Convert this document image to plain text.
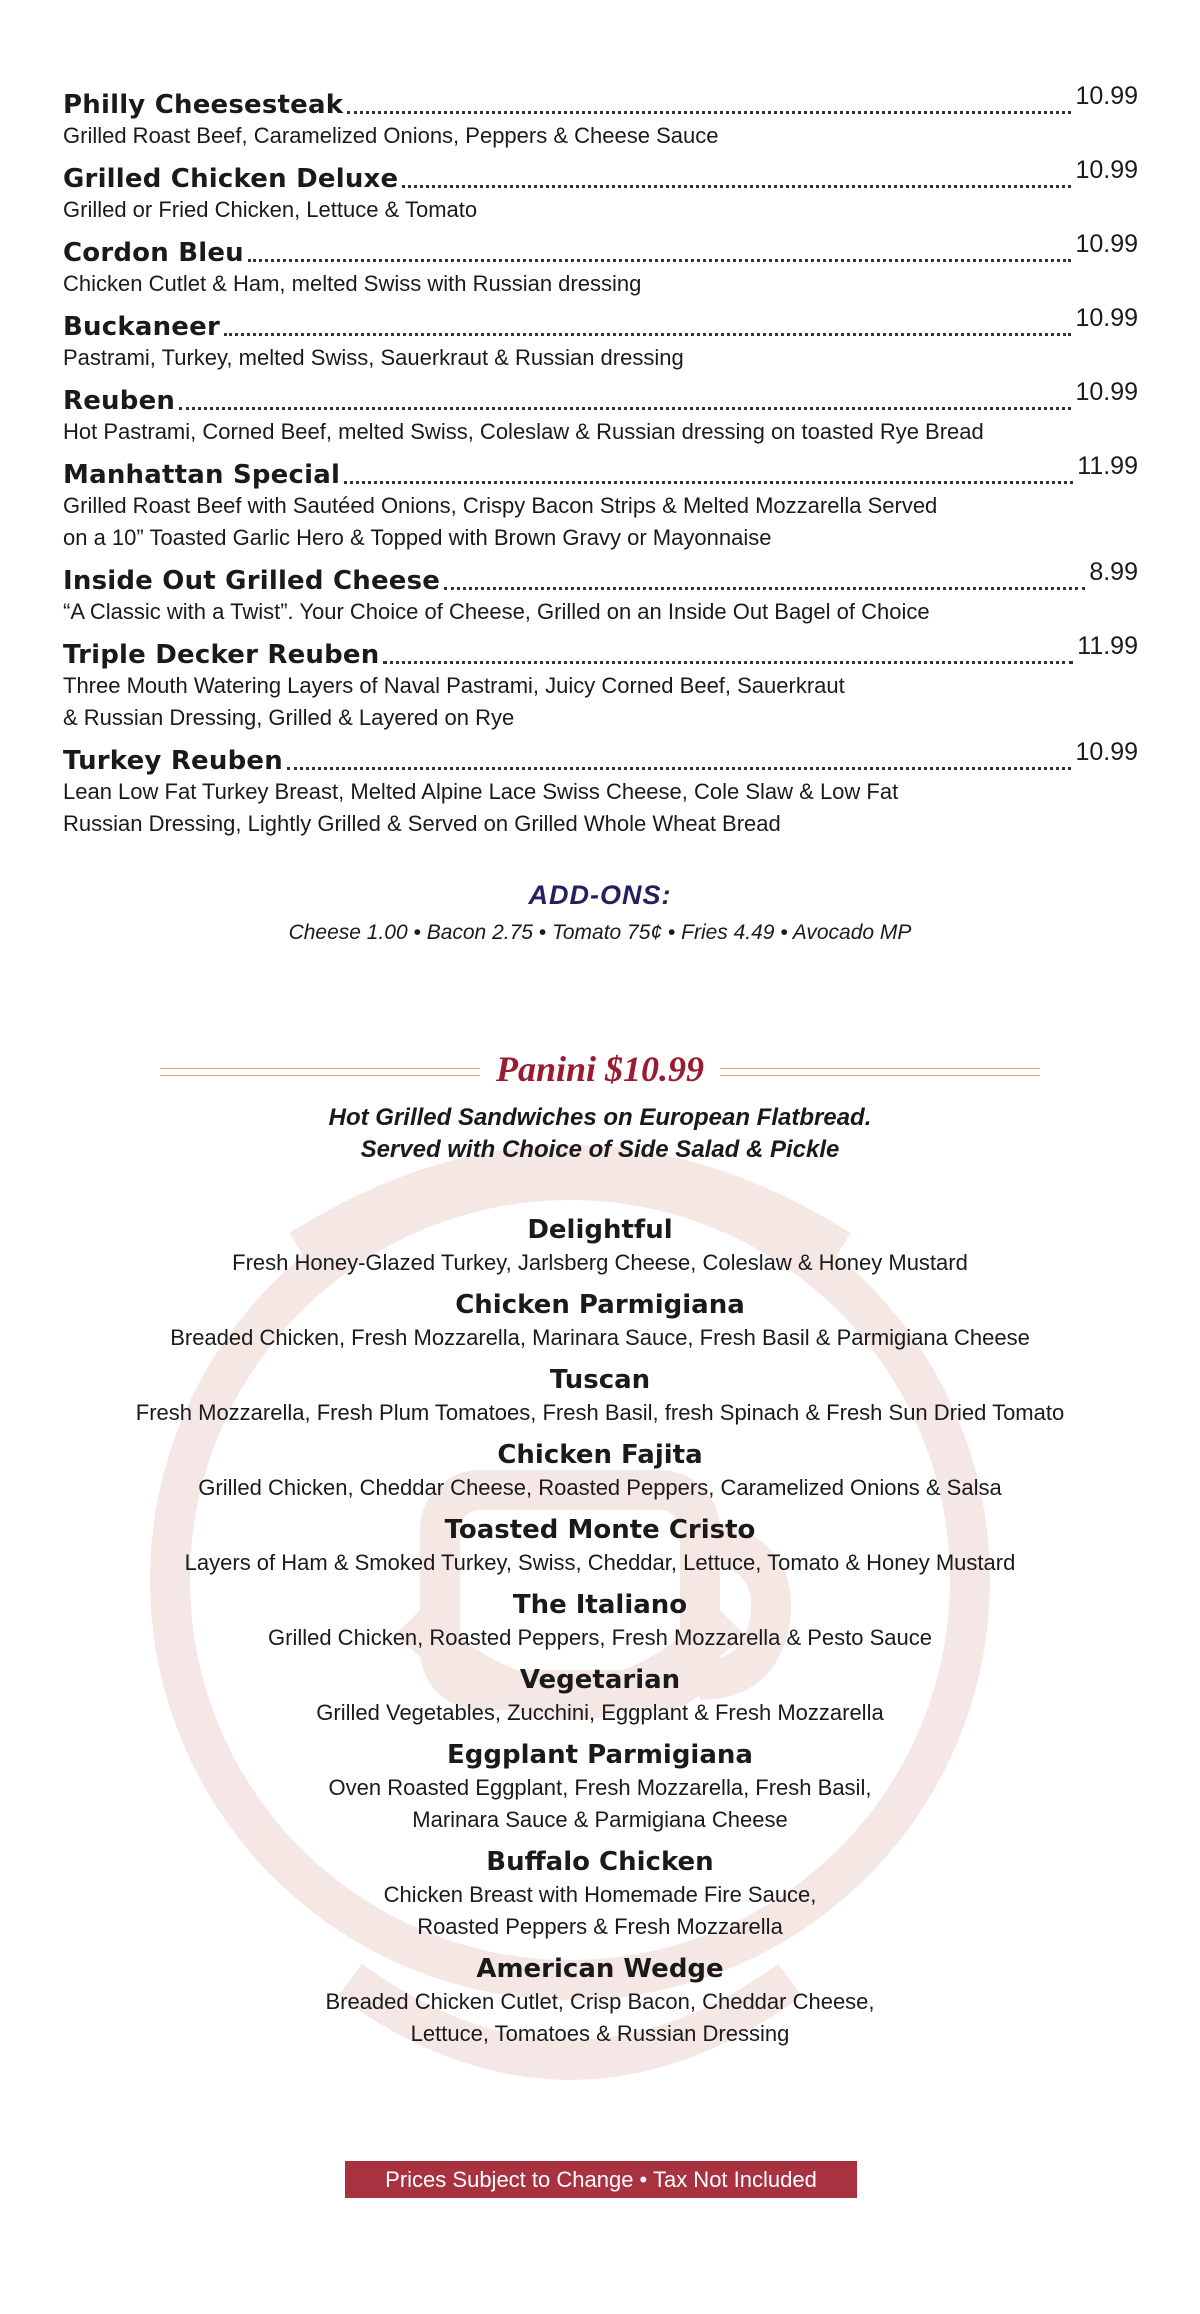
Philly Cheesesteak	10.99
Grilled Roast Beef, Caramelized Onions, Peppers & Cheese Sauce
Grilled Chicken Deluxe	10.99
Grilled or Fried Chicken, Lettuce & Tomato
Cordon Bleu	10.99
Chicken Cutlet & Ham, melted Swiss with Russian dressing
Buckaneer	10.99
Pastrami, Turkey, melted Swiss, Sauerkraut & Russian dressing
Reuben	10.99
Hot Pastrami, Corned Beef, melted Swiss, Coleslaw & Russian dressing on toasted Rye Bread
Manhattan Special	11.99
Grilled Roast Beef with Sautéed Onions, Crispy Bacon Strips & Melted Mozzarella Served
on a 10” Toasted Garlic Hero & Topped with Brown Gravy or Mayonnaise
Inside Out Grilled Cheese	8.99
“A Classic with a Twist”. Your Choice of Cheese, Grilled on an Inside Out Bagel of Choice
Triple Decker Reuben	11.99
Three Mouth Watering Layers of Naval Pastrami, Juicy Corned Beef, Sauerkraut
& Russian Dressing, Grilled & Layered on Rye
Turkey Reuben	10.99
Lean Low Fat Turkey Breast, Melted Alpine Lace Swiss Cheese, Cole Slaw & Low Fat
Russian Dressing, Lightly Grilled & Served on Grilled Whole Wheat Bread
ADD-ONS:
Cheese 1.00 • Bacon 2.75 • Tomato 75¢ • Fries 4.49 • Avocado MP
Panini $10.99
Hot Grilled Sandwiches on European Flatbread.
Served with Choice of Side Salad & Pickle
Delightful
Fresh Honey-Glazed Turkey, Jarlsberg Cheese, Coleslaw & Honey Mustard
Chicken Parmigiana
Breaded Chicken, Fresh Mozzarella, Marinara Sauce, Fresh Basil & Parmigiana Cheese
Tuscan
Fresh Mozzarella, Fresh Plum Tomatoes, Fresh Basil, fresh Spinach & Fresh Sun Dried Tomato
Chicken Fajita
Grilled Chicken, Cheddar Cheese, Roasted Peppers, Caramelized Onions & Salsa
Toasted Monte Cristo
Layers of Ham & Smoked Turkey, Swiss, Cheddar, Lettuce, Tomato & Honey Mustard
The Italiano
Grilled Chicken, Roasted Peppers, Fresh Mozzarella & Pesto Sauce
Vegetarian
Grilled Vegetables, Zucchini, Eggplant & Fresh Mozzarella
Eggplant Parmigiana
Oven Roasted Eggplant, Fresh Mozzarella, Fresh Basil,
Marinara Sauce & Parmigiana Cheese
Buffalo Chicken
Chicken Breast with Homemade Fire Sauce,
Roasted Peppers & Fresh Mozzarella
American Wedge
Breaded Chicken Cutlet, Crisp Bacon, Cheddar Cheese,
Lettuce, Tomatoes & Russian Dressing
Prices Subject to Change • Tax Not Included
